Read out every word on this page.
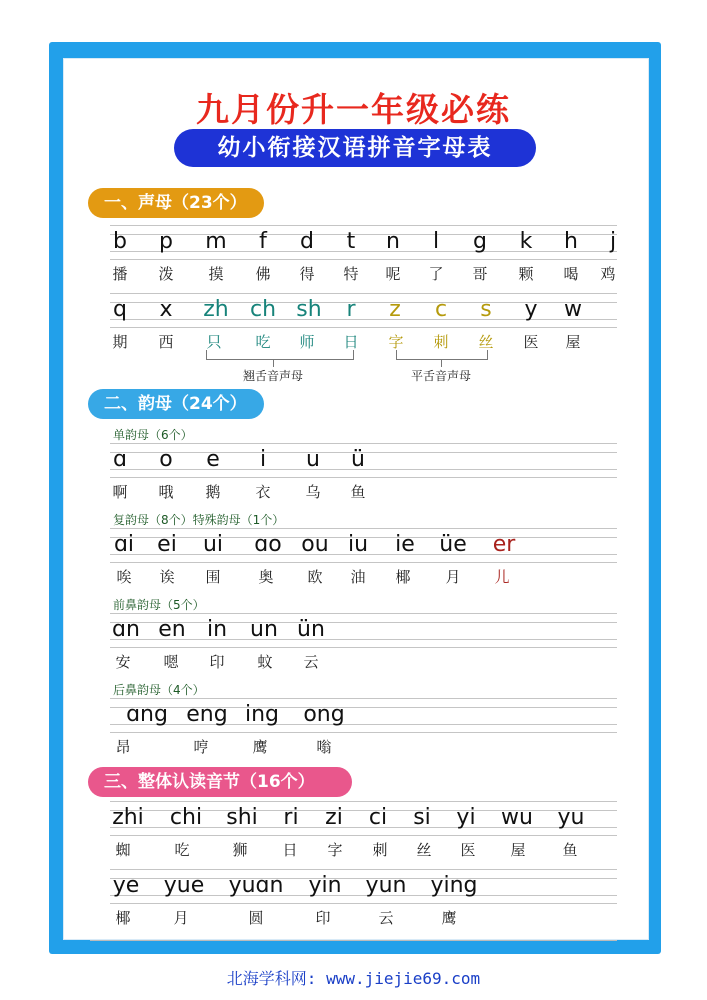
九月份升一年级必练
幼小衔接汉语拼音字母表
一、声母（23个）
b p m f d t n l g k h j
播 泼 摸 佛 得 特 呢 了 哥 颗 喝 鸡
q x zh ch sh r z c s y w
期 西 只 吃 师 日 字 刺 丝 医 屋
翘舌音声母	平舌音声母
二、韵母（24个）
单韵母（6个）
ɑ o e i u ü
啊 哦 鹅 衣 乌 鱼
复韵母（8个）特殊韵母（1个）
ɑi ei ui ɑo ou iu ie üe er
唉 诶 围	奥 欧 油 椰 月 儿
前鼻韵母（5个）
ɑn en in un ün
安 嗯 印 蚊 云
后鼻韵母（4个）
ɑng eng ing ong
昂	哼	鹰	嗡
三、整体认读音节（16个）
zhi chi shi ri zi ci si yi wu yu
蜘	吃	狮 日 字 刺 丝 医 屋 鱼
ye yue yuɑn yin yun ying
椰	月	圆	印	云	鹰
北海学科网: www.jiejie69.com
